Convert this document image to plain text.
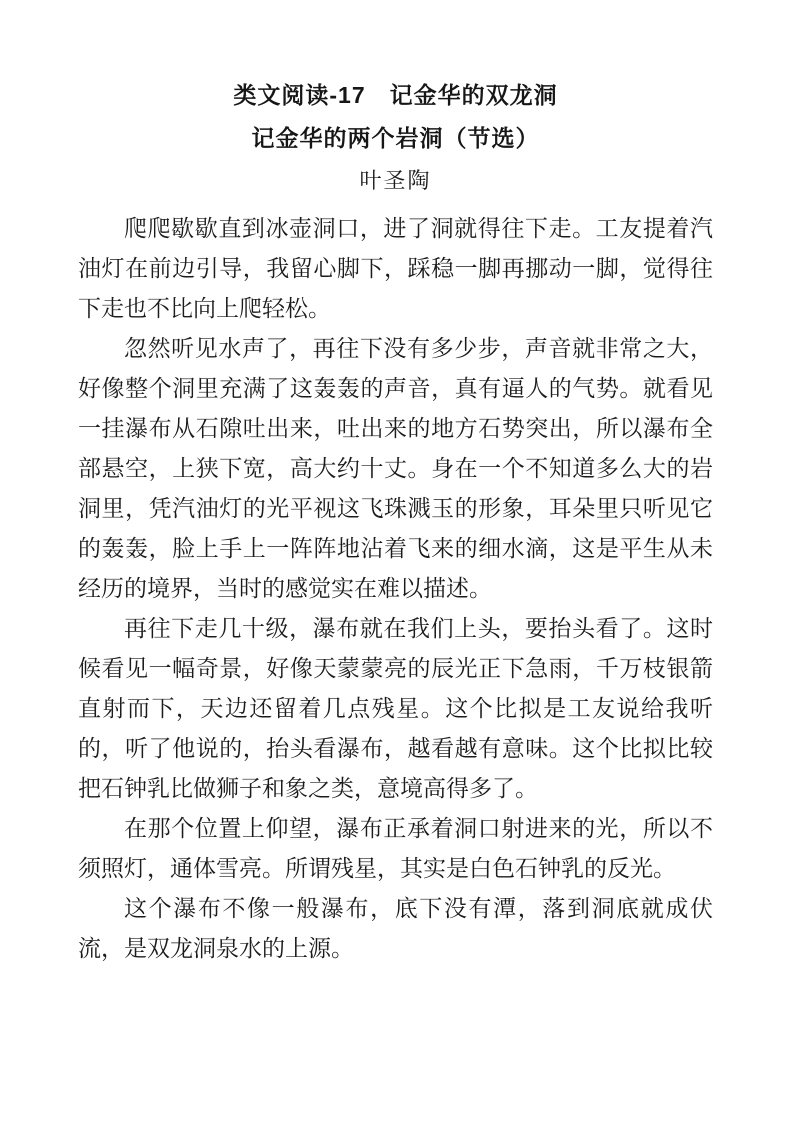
类文阅读-17　记金华的双龙洞
记金华的两个岩洞（节选）
叶圣陶

爬爬歇歇直到冰壶洞口，进了洞就得往下走。工友提着汽油灯在前边引导，我留心脚下，踩稳一脚再挪动一脚，觉得往下走也不比向上爬轻松。

忽然听见水声了，再往下没有多少步，声音就非常之大，好像整个洞里充满了这轰轰的声音，真有逼人的气势。就看见一挂瀑布从石隙吐出来，吐出来的地方石势突出，所以瀑布全部悬空，上狭下宽，高大约十丈。身在一个不知道多么大的岩洞里，凭汽油灯的光平视这飞珠溅玉的形象，耳朵里只听见它的轰轰，脸上手上一阵阵地沾着飞来的细水滴，这是平生从未经历的境界，当时的感觉实在难以描述。

再往下走几十级，瀑布就在我们上头，要抬头看了。这时候看见一幅奇景，好像天蒙蒙亮的辰光正下急雨，千万枝银箭直射而下，天边还留着几点残星。这个比拟是工友说给我听的，听了他说的，抬头看瀑布，越看越有意味。这个比拟比较把石钟乳比做狮子和象之类，意境高得多了。

在那个位置上仰望，瀑布正承着洞口射进来的光，所以不须照灯，通体雪亮。所谓残星，其实是白色石钟乳的反光。

这个瀑布不像一般瀑布，底下没有潭，落到洞底就成伏流，是双龙洞泉水的上源。
